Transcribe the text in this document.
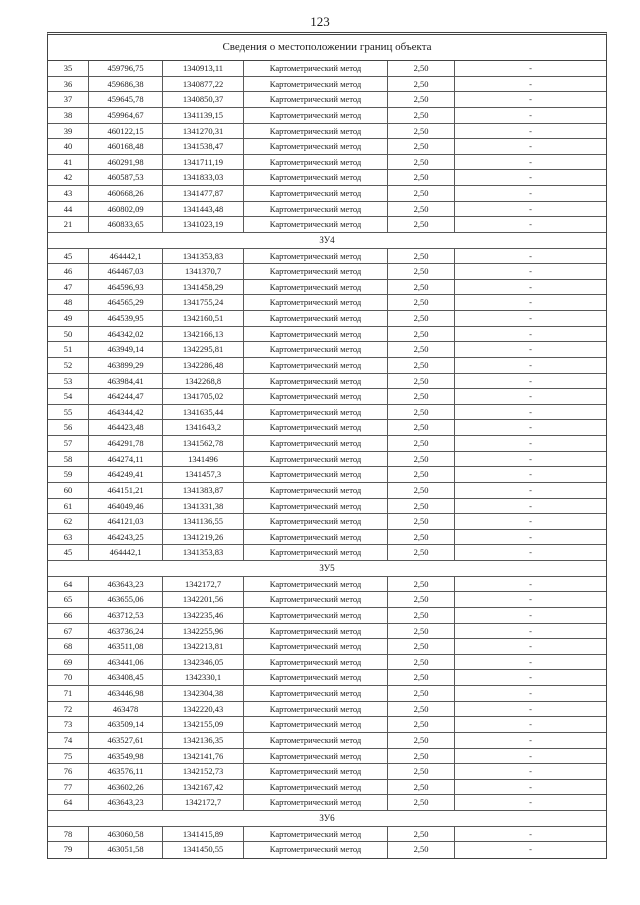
123
Сведения о местоположении границ объекта
35	459796,75	1340913,11	Картометрический метод	2,50	-
36	459686,38	1340877,22	Картометрический метод	2,50	-
37	459645,78	1340850,37	Картометрический метод	2,50	-
38	459964,67	1341139,15	Картометрический метод	2,50	-
39	460122,15	1341270,31	Картометрический метод	2,50	-
40	460168,48	1341538,47	Картометрический метод	2,50	-
41	460291,98	1341711,19	Картометрический метод	2,50	-
42	460587,53	1341833,03	Картометрический метод	2,50	-
43	460668,26	1341477,87	Картометрический метод	2,50	-
44	460802,09	1341443,48	Картометрический метод	2,50	-
21	460833,65	1341023,19	Картометрический метод	2,50	-
ЗУ4
45	464442,1	1341353,83	Картометрический метод	2,50	-
46	464467,03	1341370,7	Картометрический метод	2,50	-
47	464596,93	1341458,29	Картометрический метод	2,50	-
48	464565,29	1341755,24	Картометрический метод	2,50	-
49	464539,95	1342160,51	Картометрический метод	2,50	-
50	464342,02	1342166,13	Картометрический метод	2,50	-
51	463949,14	1342295,81	Картометрический метод	2,50	-
52	463899,29	1342286,48	Картометрический метод	2,50	-
53	463984,41	1342268,8	Картометрический метод	2,50	-
54	464244,47	1341705,02	Картометрический метод	2,50	-
55	464344,42	1341635,44	Картометрический метод	2,50	-
56	464423,48	1341643,2	Картометрический метод	2,50	-
57	464291,78	1341562,78	Картометрический метод	2,50	-
58	464274,11	1341496	Картометрический метод	2,50	-
59	464249,41	1341457,3	Картометрический метод	2,50	-
60	464151,21	1341383,87	Картометрический метод	2,50	-
61	464049,46	1341331,38	Картометрический метод	2,50	-
62	464121,03	1341136,55	Картометрический метод	2,50	-
63	464243,25	1341219,26	Картометрический метод	2,50	-
45	464442,1	1341353,83	Картометрический метод	2,50	-
ЗУ5
64	463643,23	1342172,7	Картометрический метод	2,50	-
65	463655,06	1342201,56	Картометрический метод	2,50	-
66	463712,53	1342235,46	Картометрический метод	2,50	-
67	463736,24	1342255,96	Картометрический метод	2,50	-
68	463511,08	1342213,81	Картометрический метод	2,50	-
69	463441,06	1342346,05	Картометрический метод	2,50	-
70	463408,45	1342330,1	Картометрический метод	2,50	-
71	463446,98	1342304,38	Картометрический метод	2,50	-
72	463478	1342220,43	Картометрический метод	2,50	-
73	463509,14	1342155,09	Картометрический метод	2,50	-
74	463527,61	1342136,35	Картометрический метод	2,50	-
75	463549,98	1342141,76	Картометрический метод	2,50	-
76	463576,11	1342152,73	Картометрический метод	2,50	-
77	463602,26	1342167,42	Картометрический метод	2,50	-
64	463643,23	1342172,7	Картометрический метод	2,50	-
ЗУ6
78	463060,58	1341415,89	Картометрический метод	2,50	-
79	463051,58	1341450,55	Картометрический метод	2,50	-
